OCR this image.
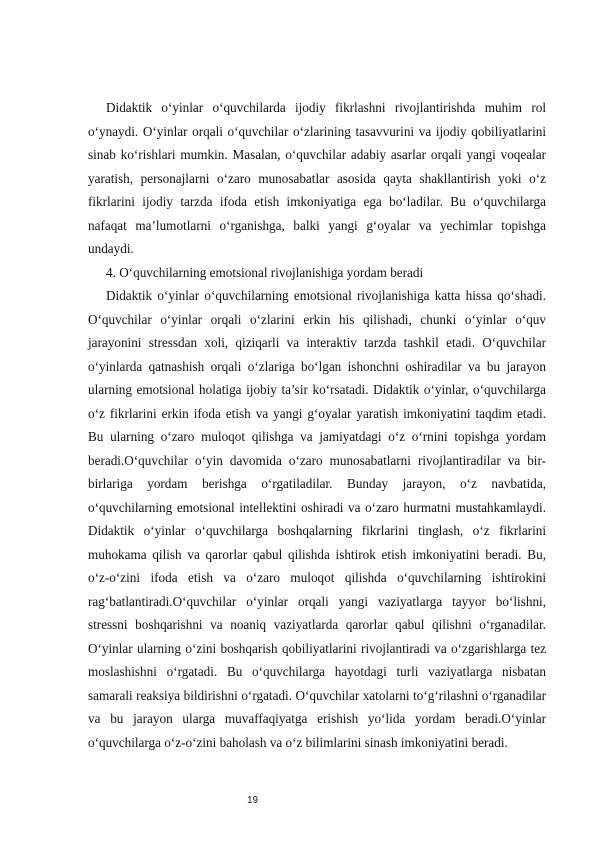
Didaktik o‘yinlar o‘quvchilarda ijodiy fikrlashni rivojlantirishda muhim rol o‘ynaydi. O‘yinlar orqali o‘quvchilar o‘zlarining tasavvurini va ijodiy qobiliyatlarini sinab ko‘rishlari mumkin. Masalan, o‘quvchilar adabiy asarlar orqali yangi voqealar yaratish, personajlarni o‘zaro munosabatlar asosida qayta shakllantirish yoki o‘z fikrlarini ijodiy tarzda ifoda etish imkoniyatiga ega bo‘ladilar. Bu o‘quvchilarga nafaqat ma’lumotlarni o‘rganishga, balki yangi g‘oyalar va yechimlar topishga undaydi.

4. O‘quvchilarning emotsional rivojlanishiga yordam beradi

Didaktik o‘yinlar o‘quvchilarning emotsional rivojlanishiga katta hissa qo‘shadi. O‘quvchilar o‘yinlar orqali o‘zlarini erkin his qilishadi, chunki o‘yinlar o‘quv jarayonini stressdan xoli, qiziqarli va interaktiv tarzda tashkil etadi. O‘quvchilar o‘yinlarda qatnashish orqali o‘zlariga bo‘lgan ishonchni oshiradilar va bu jarayon ularning emotsional holatiga ijobiy ta’sir ko‘rsatadi. Didaktik o‘yinlar, o‘quvchilarga o‘z fikrlarini erkin ifoda etish va yangi g‘oyalar yaratish imkoniyatini taqdim etadi. Bu ularning o‘zaro muloqot qilishga va jamiyatdagi o‘z o‘rnini topishga yordam beradi.O‘quvchilar o‘yin davomida o‘zaro munosabatlarni rivojlantiradilar va bir-birlariga yordam berishga o‘rgatiladilar. Bunday jarayon, o‘z navbatida, o‘quvchilarning emotsional intellektini oshiradi va o‘zaro hurmatni mustahkamlaydi. Didaktik o‘yinlar o‘quvchilarga boshqalarning fikrlarini tinglash, o‘z fikrlarini muhokama qilish va qarorlar qabul qilishda ishtirok etish imkoniyatini beradi. Bu, o‘z-o‘zini ifoda etish va o‘zaro muloqot qilishda o‘quvchilarning ishtirokini rag‘batlantiradi.O‘quvchilar o‘yinlar orqali yangi vaziyatlarga tayyor bo‘lishni, stressni boshqarishni va noaniq vaziyatlarda qarorlar qabul qilishni o‘rganadilar. O‘yinlar ularning o‘zini boshqarish qobiliyatlarini rivojlantiradi va o‘zgarishlarga tez moslashishni o‘rgatadi. Bu o‘quvchilarga hayotdagi turli vaziyatlarga nisbatan samarali reaksiya bildirishni o‘rgatadi. O‘quvchilar xatolarni to‘g‘rilashni o‘rganadilar va bu jarayon ularga muvaffaqiyatga erishish yo‘lida yordam beradi.O‘yinlar o‘quvchilarga o‘z-o‘zini baholash va o‘z bilimlarini sinash imkoniyatini beradi.

19
